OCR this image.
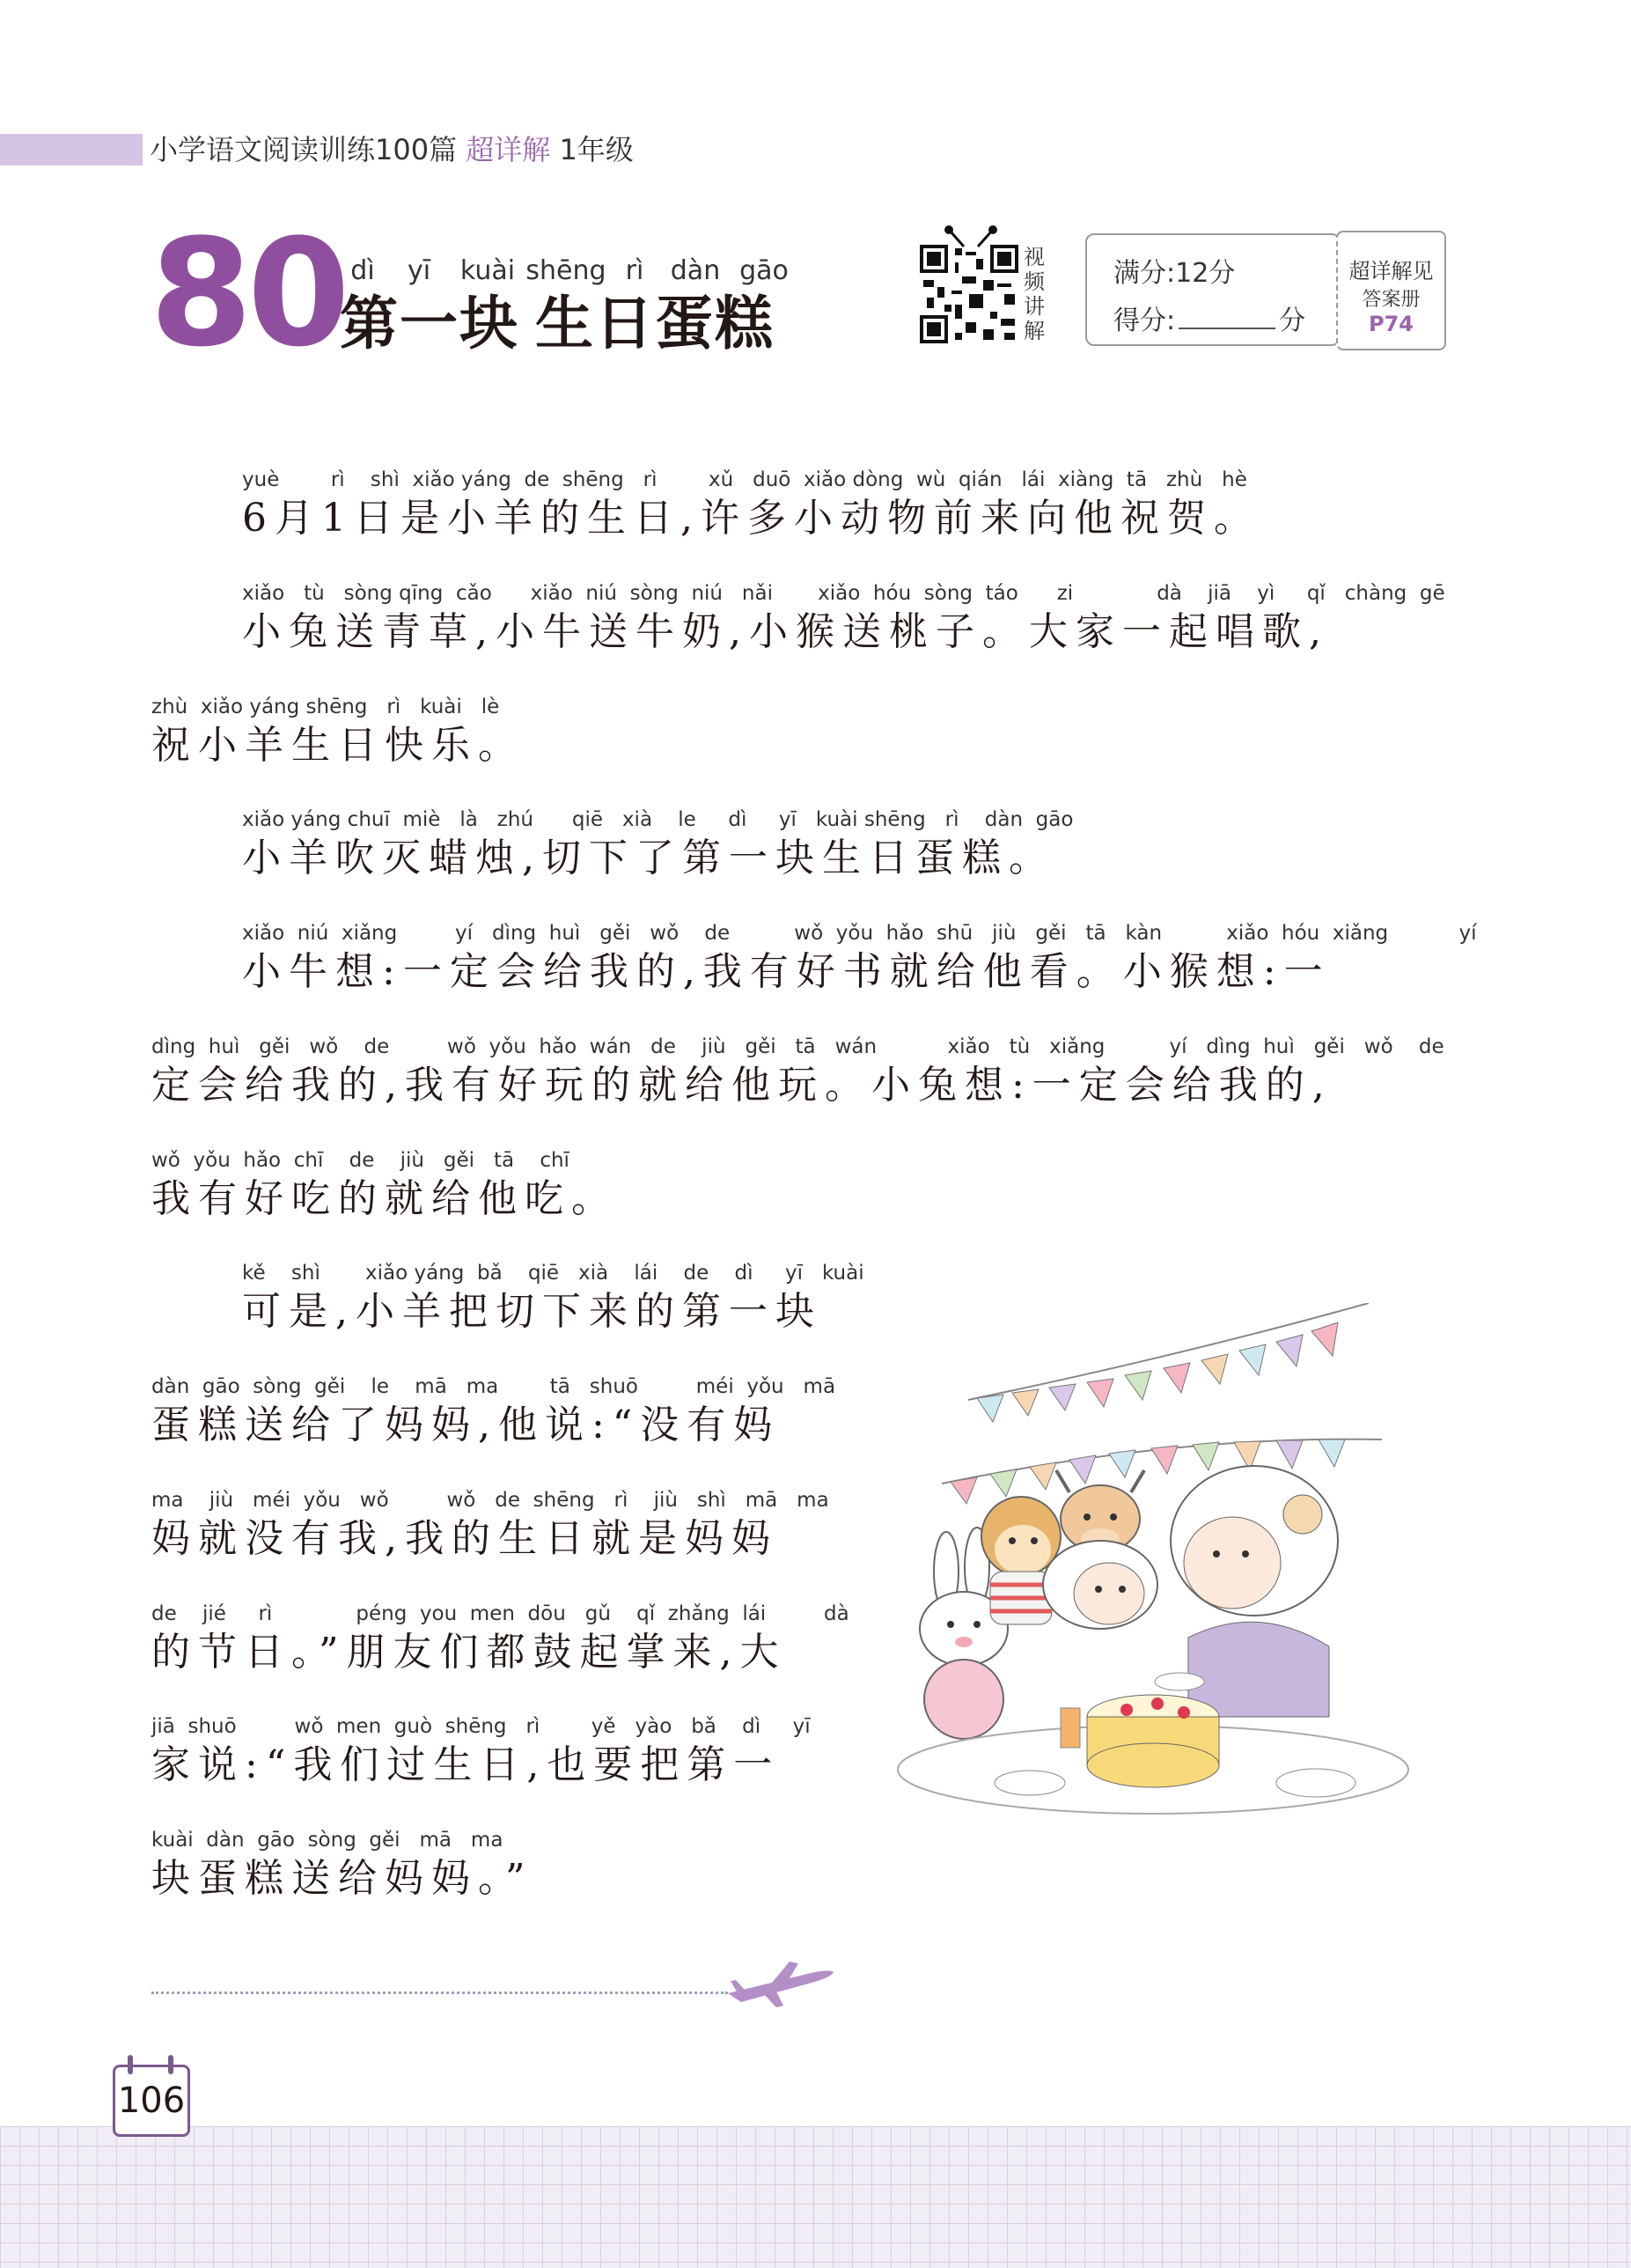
小学语文阅读训练100篇 超详解 1年级
80 dì	yī	kuài shēng rì	dàn gāo
第 一 块 生 日 蛋 糕
视频讲解
满分:12分
得分:	分
超详解见
答案册
P74
yuè        rì    shì  xiǎo yáng  de  shēng   rì        xǔ   duō  xiǎo dòng  wù  qián   lái  xiàng  tā   zhù   hè
6月1日是小羊的生日,许多小动物前来向他祝贺。
xiǎo   tù   sòng qīng  cǎo      xiǎo  niú  sòng  niú   nǎi       xiǎo  hóu  sòng  táo      zi             dà    jiā    yì     qǐ   chàng  gē
小兔送青草,小牛送牛奶,小猴送桃子。大家一起唱歌,
zhù  xiǎo yáng shēng   rì   kuài   lè
祝小羊生日快乐。
xiǎo yáng chuī  miè   là   zhú      qiē   xià    le     dì     yī   kuài shēng   rì    dàn  gāo
小羊吹灭蜡烛,切下了第一块生日蛋糕。
xiǎo  niú  xiǎng         yí   dìng  huì   gěi   wǒ    de          wǒ  yǒu  hǎo  shū   jiù   gěi   tā   kàn          xiǎo  hóu  xiǎng           yí
小牛想:一定会给我的,我有好书就给他看。小猴想:一
dìng  huì   gěi   wǒ    de         wǒ  yǒu  hǎo  wán   de    jiù   gěi   tā   wán           xiǎo   tù   xiǎng          yí   dìng  huì   gěi   wǒ    de
定会给我的,我有好玩的就给他玩。小兔想:一定会给我的,
wǒ  yǒu  hǎo  chī    de    jiù   gěi   tā    chī
我有好吃的就给他吃。
kě    shì       xiǎo yáng  bǎ    qiē   xià    lái    de    dì     yī   kuài
可是,小羊把切下来的第一块
dàn  gāo  sòng  gěi    le    mā   ma        tā   shuō         méi  yǒu   mā
蛋糕送给了妈妈,他说:“没有妈
ma    jiù   méi  yǒu   wǒ         wǒ   de  shēng   rì    jiù   shì   mā   ma
妈就没有我,我的生日就是妈妈
de    jié     rì             péng  you  men  dōu   gǔ    qǐ  zhǎng  lái         dà
的节日。”朋友们都鼓起掌来,大
jiā  shuō         wǒ  men  guò  shēng   rì        yě   yào   bǎ    dì     yī
家说:“我们过生日,也要把第一
kuài  dàn  gāo  sòng  gěi   mā   ma
块蛋糕送给妈妈。”
106
